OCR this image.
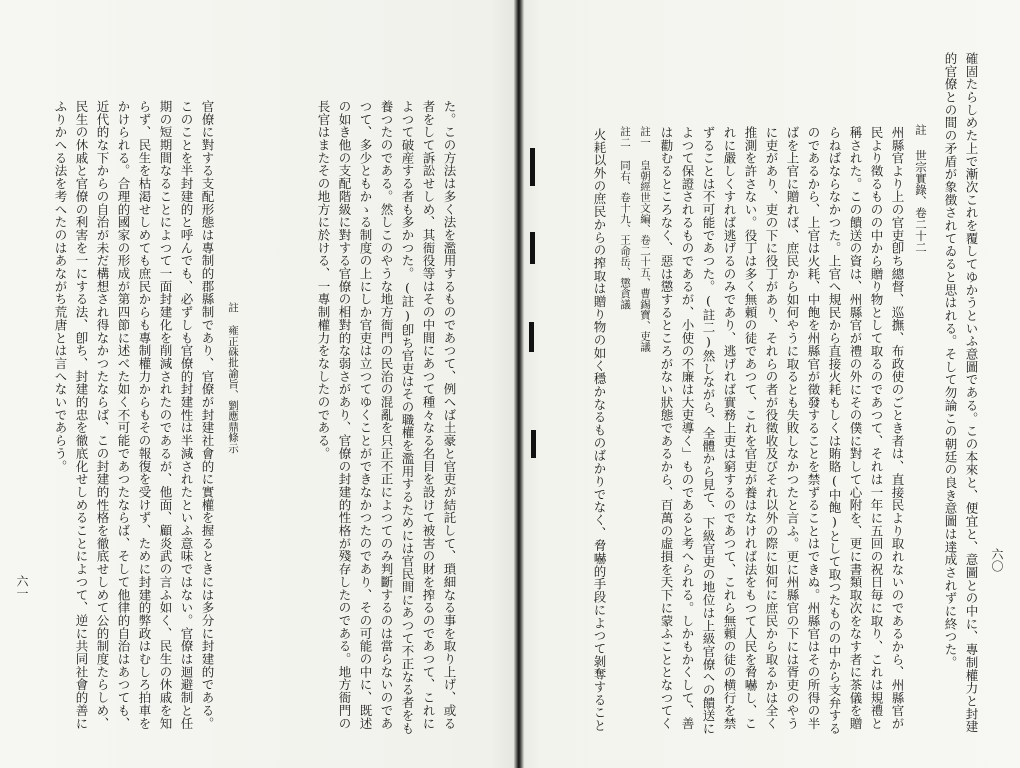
六〇
確固たらしめた上で漸次これを覆してゆかうといふ意圖である。この本來と、便宜と、意圖との中に、專制權力と封建的官僚との間の矛盾が象徴されてゐると思はれる。そして勿論この朝廷の良き意圖は達成されずに終つた。
註 世宗實錄、卷二十二
州縣官より上の官吏卽ち總督、巡撫、布政使のごとき者は、直接民より取れないのであるから、州縣官が民より徵るものの中から贈り物として取るのであつて、それは一年に五回の祝日毎に取り、これは規禮と稱された。この饋送の資は、州縣官が禮の外にその僕に對して心附を、更に書類取次をなす者に茶儀を贈らねばならなかつた。上官へ規民から直接火耗もしくは賄賂(中飽)として取つたものの中から支弁するのであるから、上官は火耗、中飽を州縣官が徵發することを禁ずることはできぬ。州縣官はその所得の半ばを上官に贈れば、庶民から如何やうに取るとも失敗しなかつたと言ふ。更に州縣官の下には胥吏のやうに吏があり、吏の下に役丁があり、それらの者が役徵收及びそれ以外の際に如何に庶民から取るかは全く推測を許さない。役丁は多く無頼の徒であつて、これを官吏が養はなければ法をもつて人民を脅嚇し、これに嚴しくすれば逃げるのみであり、逃げれば實務上吏は窮するのであつて、これら無頼の徒の横行を禁ずることは不可能であつた。(註二)然しながら、全體から見て、下級官吏の地位は上級官僚への饋送によつて保證されるものであるが、小使の不廉は大吏導く」ものであると考へられる。しかもかくして、善は勸むるところなく、惡は懲するところがない狀態であるから、百萬の虛損を天下に蒙ふこととなつてく
註一 皇朝經世文編、卷二十五、曹錫寶、吏議
註二 同右、卷十九、王命岳、懲貪議
火耗以外の庶民からの搾取は贈り物の如く穩かなるものばかりでなく、脅嚇的手段によつて剝奪すること
六一	た。この方法は多く法を濫用するものであつて、例へば土豪と官吏が結託して、瑣細なる事を取り上げ、或る者をして訴訟せしめ、其衙役等はその中間にあつて種々なる名目を設けて被害の財を搾るのであつて、これによつて破産する者も多かつた。(註)卽ち官吏はその職權を濫用するためには官民間にあつて不正なる者をも養つたのである。然しこのやうな地方衙門の民治の混亂を只正不正によつてのみ判斷するのは當らないのであつて、多少ともかゝる制度の上にしか官吏は立つてゆくことができなかつたのであり、その可能の中に、既述の如き他の支配階級に對する官僚の相對的な弱さがあり、官僚の封建的性格が殘存したのである。地方衙門の長官はまたその地方に於ける、一專制權力をなしたのである。
註 雍正硃批諭旨、劉應鼎條示
官僚に對する支配形態は專制的郡縣制であり、官僚が封建社會的に實權を握るときには多分に封建的である。このことを半封建的と呼んでも、必ずしも官僚的封建性は半減されたといふ意味ではない。官僚は迴避制と任期の短期間なることによつて一面封建化を削減されたのであるが、他面、顧炎武の言ふ如く、民生の休戚を知らず、民生を枯渇せしめても庶民からも專制權力からもその報復を受けず、ために封建的弊政はむしろ拍車をかけられる。合理的國家の形成が第四節に述べた如く不可能であつたならば、そして他律的自治はあつても、近代的な下からの自治が未だ構想され得なかつたならば、この封建的性格を徹底せしめて公的制度たらしめ、民生の休戚と官僚の利害を一にする法、卽ち、封建的忠を徹底化せしめることによつて、逆に共同社會的善にふりかへる法を考へたのはあながち荒唐とは言へないであらう。
